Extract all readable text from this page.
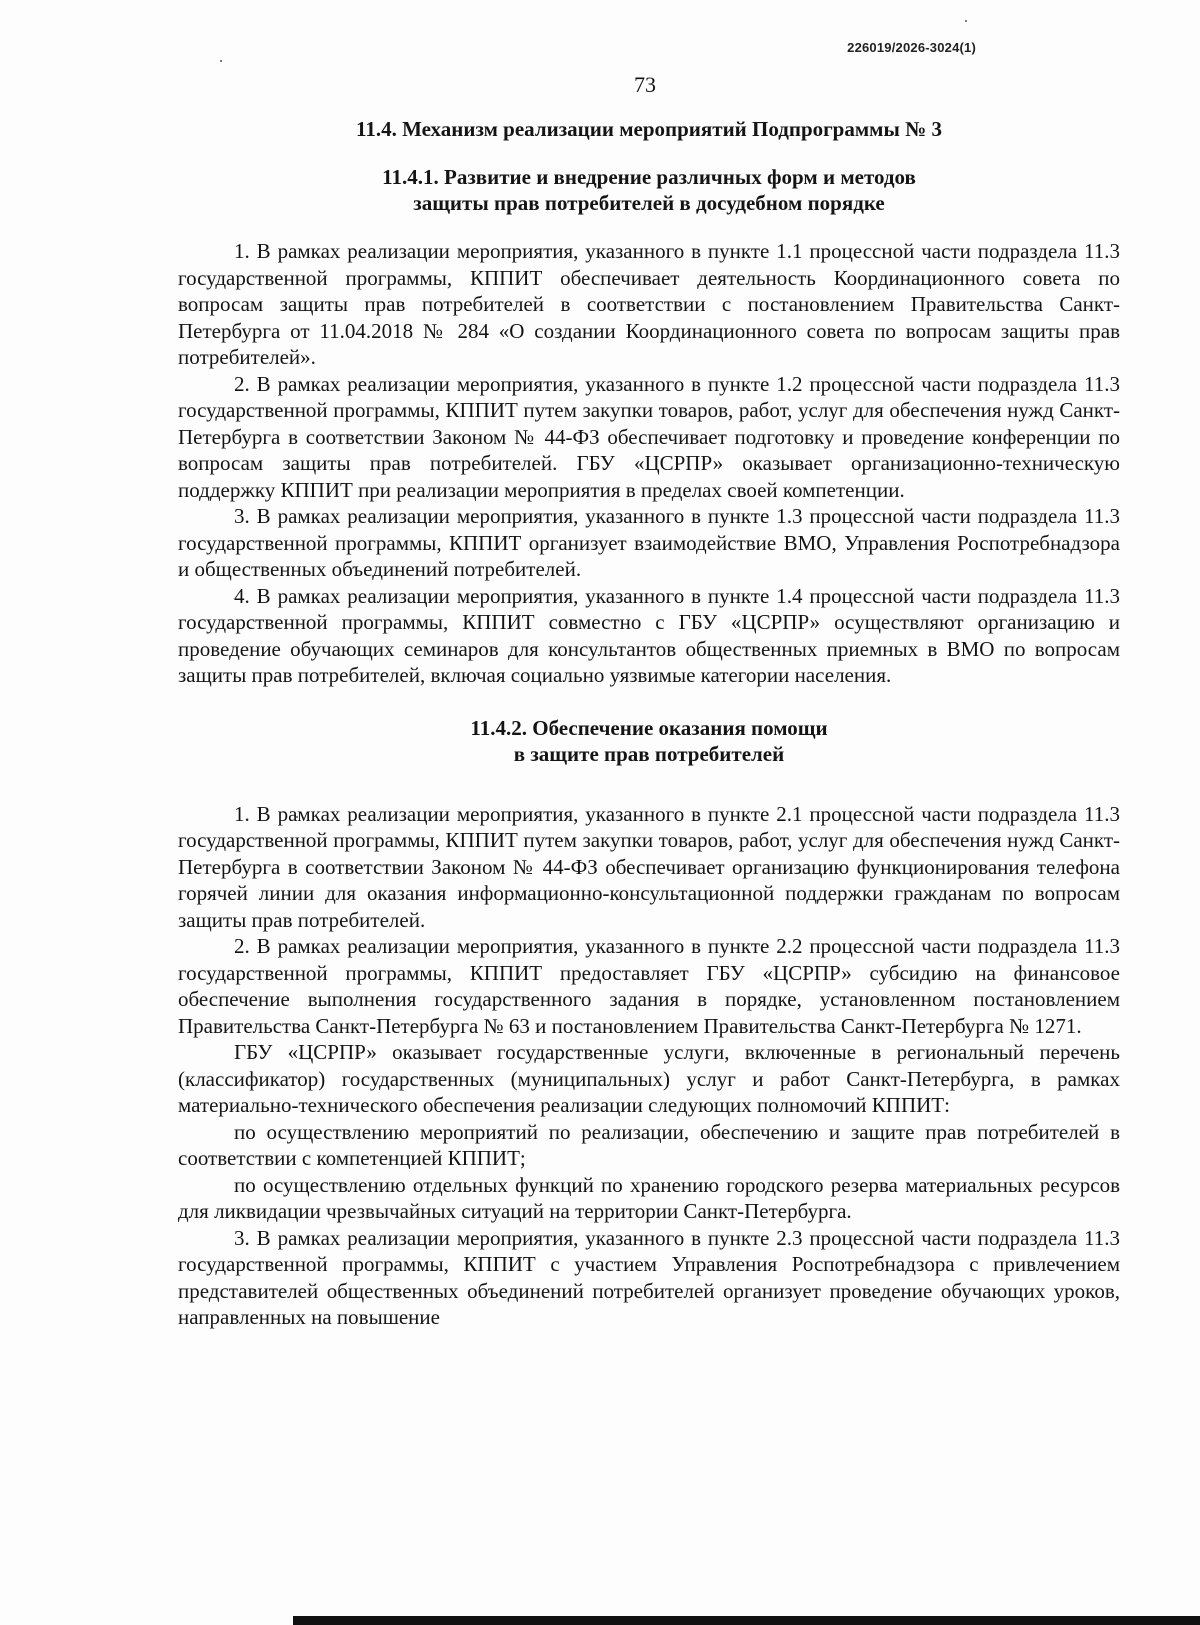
226019/2026-3024(1)
73
11.4. Механизм реализации мероприятий Подпрограммы № 3
11.4.1. Развитие и внедрение различных форм и методов
защиты прав потребителей в досудебном порядке

1. В рамках реализации мероприятия, указанного в пункте 1.1 процессной части подраздела 11.3 государственной программы, КППИТ обеспечивает деятельность Координационного совета по вопросам защиты прав потребителей в соответствии с постановлением Правительства Санкт-Петербурга от 11.04.2018 № 284 «О создании Координационного совета по вопросам защиты прав потребителей».

2. В рамках реализации мероприятия, указанного в пункте 1.2 процессной части подраздела 11.3 государственной программы, КППИТ путем закупки товаров, работ, услуг для обеспечения нужд Санкт-Петербурга в соответствии Законом № 44-ФЗ обеспечивает подготовку и проведение конференции по вопросам защиты прав потребителей. ГБУ «ЦСРПР» оказывает организационно-техническую поддержку КППИТ при реализации мероприятия в пределах своей компетенции.

3. В рамках реализации мероприятия, указанного в пункте 1.3 процессной части подраздела 11.3 государственной программы, КППИТ организует взаимодействие ВМО, Управления Роспотребнадзора и общественных объединений потребителей.

4. В рамках реализации мероприятия, указанного в пункте 1.4 процессной части подраздела 11.3 государственной программы, КППИТ совместно с ГБУ «ЦСРПР» осуществляют организацию и проведение обучающих семинаров для консультантов общественных приемных в ВМО по вопросам защиты прав потребителей, включая социально уязвимые категории населения.

11.4.2. Обеспечение оказания помощи
в защите прав потребителей

1. В рамках реализации мероприятия, указанного в пункте 2.1 процессной части подраздела 11.3 государственной программы, КППИТ путем закупки товаров, работ, услуг для обеспечения нужд Санкт-Петербурга в соответствии Законом № 44-ФЗ обеспечивает организацию функционирования телефона горячей линии для оказания информационно-консультационной поддержки гражданам по вопросам защиты прав потребителей.

2. В рамках реализации мероприятия, указанного в пункте 2.2 процессной части подраздела 11.3 государственной программы, КППИТ предоставляет ГБУ «ЦСРПР» субсидию на финансовое обеспечение выполнения государственного задания в порядке, установленном постановлением Правительства Санкт-Петербурга № 63 и постановлением Правительства Санкт-Петербурга № 1271.

ГБУ «ЦСРПР» оказывает государственные услуги, включенные в региональный перечень (классификатор) государственных (муниципальных) услуг и работ Санкт-Петербурга, в рамках материально-технического обеспечения реализации следующих полномочий КППИТ:

по осуществлению мероприятий по реализации, обеспечению и защите прав потребителей в соответствии с компетенцией КППИТ;

по осуществлению отдельных функций по хранению городского резерва материальных ресурсов для ликвидации чрезвычайных ситуаций на территории Санкт-Петербурга.

3. В рамках реализации мероприятия, указанного в пункте 2.3 процессной части подраздела 11.3 государственной программы, КППИТ с участием Управления Роспотребнадзора с привлечением представителей общественных объединений потребителей организует проведение обучающих уроков, направленных на повышение
